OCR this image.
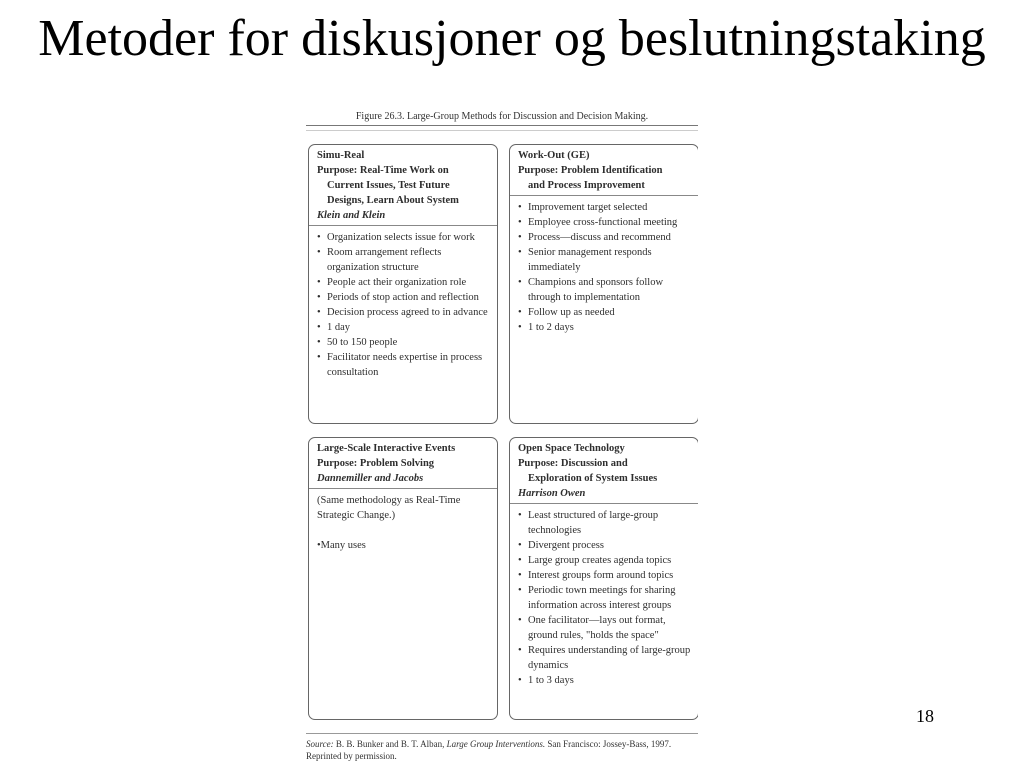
Metoder for diskusjoner og beslutningstaking
Figure 26.3. Large-Group Methods for Discussion and Decision Making.
Simu-Real
Purpose: Real-Time Work on
Current Issues, Test Future
Designs, Learn About System
Klein and Klein
• Organization selects issue for work
• Room arrangement reflects organization structure
• People act their organization role
• Periods of stop action and reflection
• Decision process agreed to in advance
• 1 day
• 50 to 150 people
• Facilitator needs expertise in process consultation
Work-Out (GE)
Purpose: Problem Identification
and Process Improvement
• Improvement target selected
• Employee cross-functional meeting
• Process—discuss and recommend
• Senior management responds immediately
• Champions and sponsors follow through to implementation
• Follow up as needed
• 1 to 2 days
Large-Scale Interactive Events
Purpose: Problem Solving
Dannemiller and Jacobs

(Same methodology as Real-Time Strategic Change.)

•Many uses

Open Space Technology
Purpose: Discussion and
Exploration of System Issues
Harrison Owen
• Least structured of large-group technologies
• Divergent process
• Large group creates agenda topics
• Interest groups form around topics
• Periodic town meetings for sharing information across interest groups
• One facilitator—lays out format, ground rules, "holds the space"
• Requires understanding of large-group dynamics
• 1 to 3 days
Source: B. B. Bunker and B. T. Alban, Large Group Interventions. San Francisco: Jossey-Bass, 1997.
Reprinted by permission.
18
